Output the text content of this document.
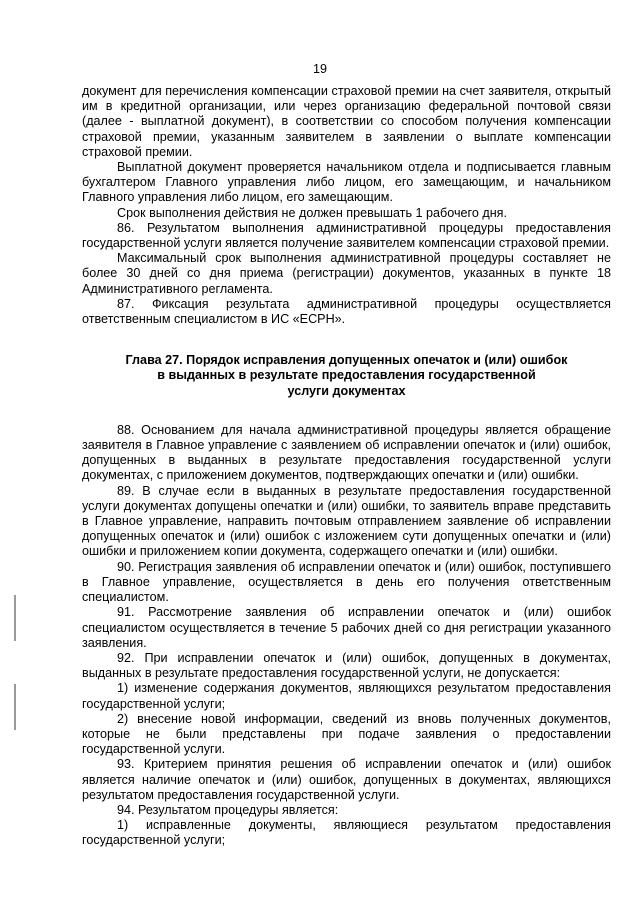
19

документ для перечисления компенсации страховой премии на счет заявителя, открытый им в кредитной организации, или через организацию федеральной почтовой связи (далее - выплатной документ), в соответствии со способом получения компенсации страховой премии, указанным заявителем в заявлении о выплате компенсации страховой премии.

Выплатной документ проверяется начальником отдела и подписывается главным бухгалтером Главного управления либо лицом, его замещающим, и начальником Главного управления либо лицом, его замещающим.

Срок выполнения действия не должен превышать 1 рабочего дня.

86. Результатом выполнения административной процедуры предоставления государственной услуги является получение заявителем компенсации страховой премии.

Максимальный срок выполнения административной процедуры составляет не более 30 дней со дня приема (регистрации) документов, указанных в пункте 18 Административного регламента.

87. Фиксация результата административной процедуры осуществляется ответственным специалистом в ИС «ЕСРН».

Глава 27. Порядок исправления допущенных опечаток и (или) ошибок
в выданных в результате предоставления государственной
услуги документах

88. Основанием для начала административной процедуры является обращение заявителя в Главное управление с заявлением об исправлении опечаток и (или) ошибок, допущенных в выданных в результате предоставления государственной услуги документах, с приложением документов, подтверждающих опечатки и (или) ошибки.

89. В случае если в выданных в результате предоставления государственной услуги документах допущены опечатки и (или) ошибки, то заявитель вправе представить в Главное управление, направить почтовым отправлением заявление об исправлении допущенных опечаток и (или) ошибок с изложением сути допущенных опечатки и (или) ошибки и приложением копии документа, содержащего опечатки и (или) ошибки.

90. Регистрация заявления об исправлении опечаток и (или) ошибок, поступившего в Главное управление, осуществляется в день его получения ответственным специалистом.

91. Рассмотрение заявления об исправлении опечаток и (или) ошибок специалистом осуществляется в течение 5 рабочих дней со дня регистрации указанного заявления.

92. При исправлении опечаток и (или) ошибок, допущенных в документах, выданных в результате предоставления государственной услуги, не допускается:

1) изменение содержания документов, являющихся результатом предоставления государственной услуги;

2) внесение новой информации, сведений из вновь полученных документов, которые не были представлены при подаче заявления о предоставлении государственной услуги.

93. Критерием принятия решения об исправлении опечаток и (или) ошибок является наличие опечаток и (или) ошибок, допущенных в документах, являющихся результатом предоставления государственной услуги.

94. Результатом процедуры является:

1) исправленные документы, являющиеся результатом предоставления государственной услуги;
